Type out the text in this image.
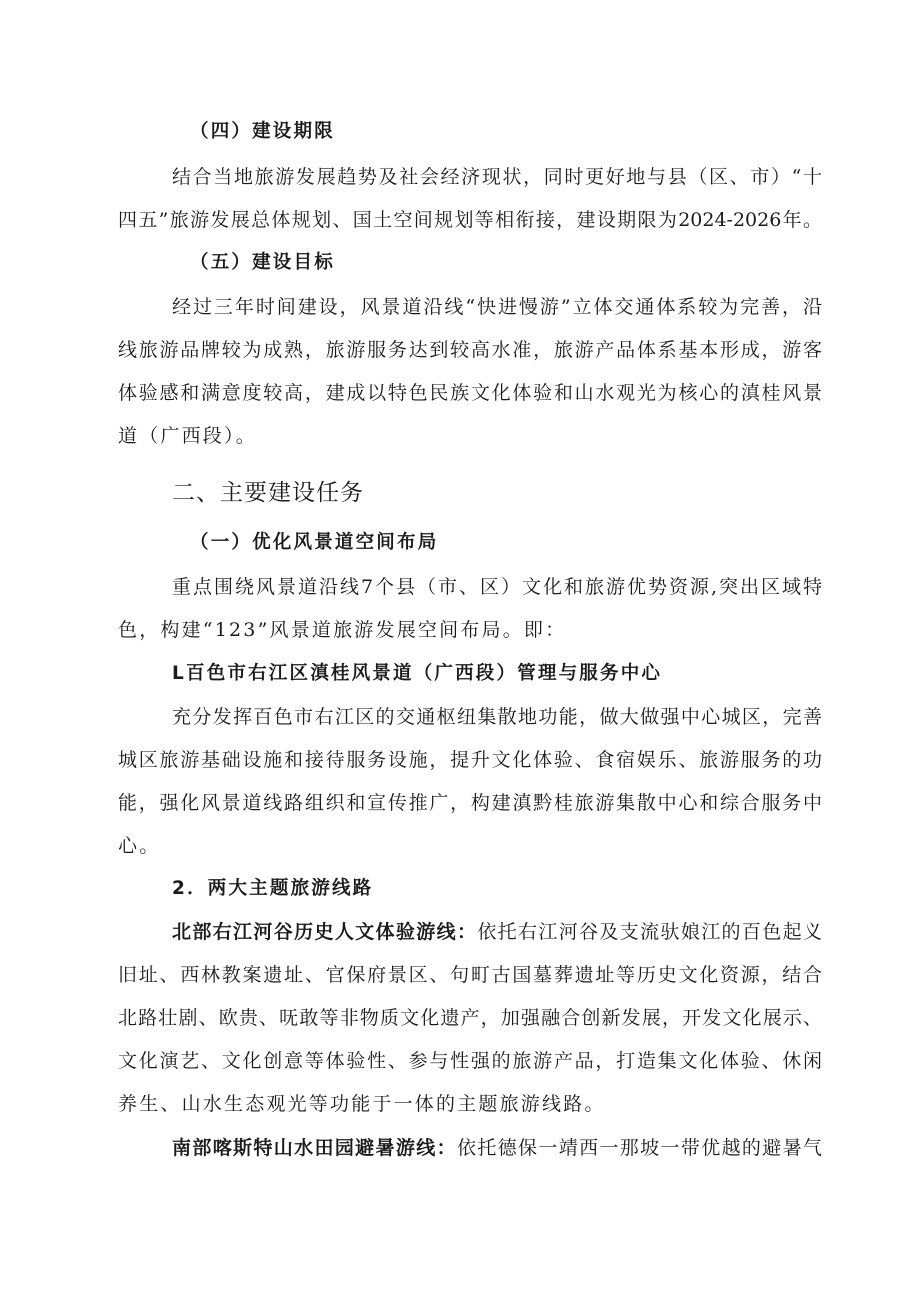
（四）建设期限
结合当地旅游发展趋势及社会经济现状，同时更好地与县（区、市）“十
四五”旅游发展总体规划、国土空间规划等相衔接，建设期限为2024-2026年。
（五）建设目标
经过三年时间建设，风景道沿线“快进慢游”立体交通体系较为完善，沿
线旅游品牌较为成熟，旅游服务达到较高水准，旅游产品体系基本形成，游客
体验感和满意度较高，建成以特色民族文化体验和山水观光为核心的滇桂风景
道（广西段）。
二、主要建设任务
（一）优化风景道空间布局
重点围绕风景道沿线7个县（市、区）文化和旅游优势资源,突出区域特
色，构建“123”风景道旅游发展空间布局。即：
L百色市右江区滇桂风景道（广西段）管理与服务中心
充分发挥百色市右江区的交通枢纽集散地功能，做大做强中心城区，完善
城区旅游基础设施和接待服务设施，提升文化体验、食宿娱乐、旅游服务的功
能，强化风景道线路组织和宣传推广，构建滇黔桂旅游集散中心和综合服务中
心。
2．两大主题旅游线路
北部右江河谷历史人文体验游线：依托右江河谷及支流驮娘江的百色起义
旧址、西林教案遗址、官保府景区、句町古国墓葬遗址等历史文化资源，结合
北路壮剧、欧贵、呒敢等非物质文化遗产，加强融合创新发展，开发文化展示、
文化演艺、文化创意等体验性、参与性强的旅游产品，打造集文化体验、休闲
养生、山水生态观光等功能于一体的主题旅游线路。
南部喀斯特山水田园避暑游线：依托德保一靖西一那坡一带优越的避暑气
